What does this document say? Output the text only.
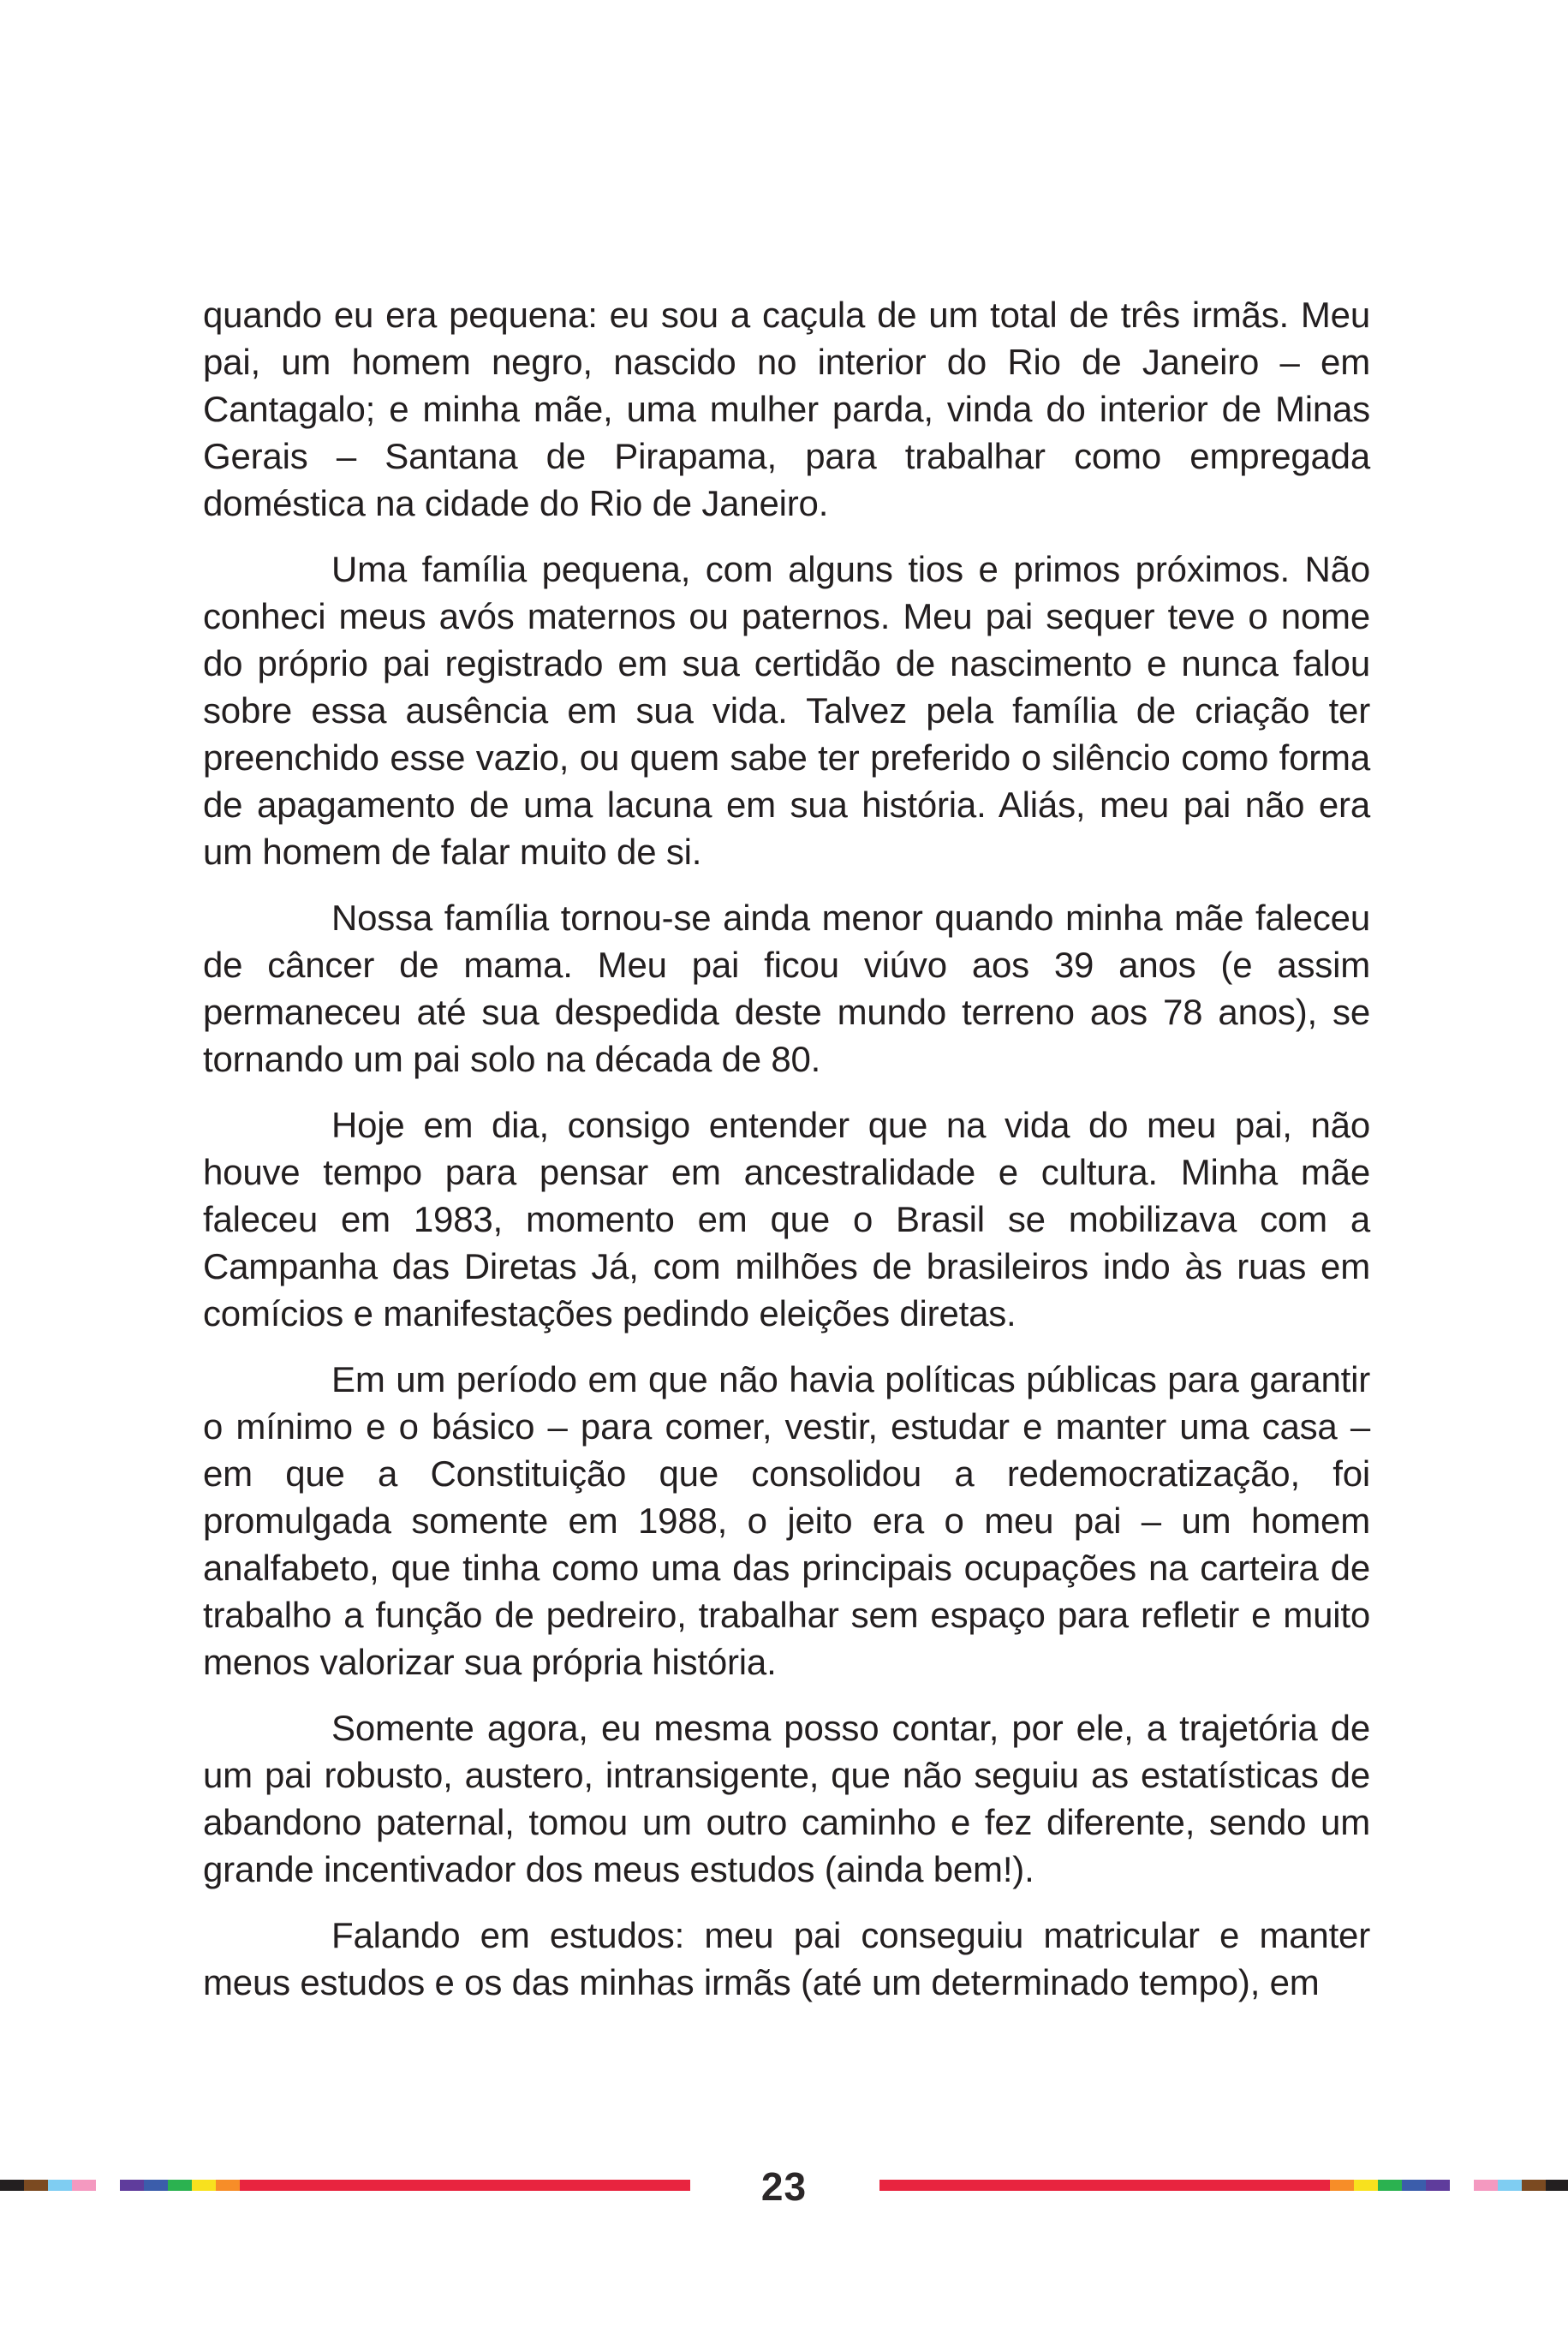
quando eu era pequena: eu sou a caçula de um total de três irmãs. Meu pai, um homem negro, nascido no interior do Rio de Janeiro – em Cantagalo; e minha mãe, uma mulher parda, vinda do interior de Minas Gerais – Santana de Pirapama, para trabalhar como empregada doméstica na cidade do Rio de Janeiro.

Uma família pequena, com alguns tios e primos próximos. Não conheci meus avós maternos ou paternos. Meu pai sequer teve o nome do próprio pai registrado em sua certidão de nascimento e nunca falou sobre essa ausência em sua vida. Talvez pela família de criação ter preenchido esse vazio, ou quem sabe ter preferido o silêncio como forma de apagamento de uma lacuna em sua história. Aliás, meu pai não era um homem de falar muito de si.

Nossa família tornou-se ainda menor quando minha mãe faleceu de câncer de mama. Meu pai ficou viúvo aos 39 anos (e assim permaneceu até sua despedida deste mundo terreno aos 78 anos), se tornando um pai solo na década de 80.

Hoje em dia, consigo entender que na vida do meu pai, não houve tempo para pensar em ancestralidade e cultura. Minha mãe faleceu em 1983, momento em que o Brasil se mobilizava com a Campanha das Diretas Já, com milhões de brasileiros indo às ruas em comícios e manifestações pedindo eleições diretas.

Em um período em que não havia políticas públicas para garantir o mínimo e o básico – para comer, vestir, estudar e manter uma casa – em que a Constituição que consolidou a redemocratização, foi promulgada somente em 1988, o jeito era o meu pai – um homem analfabeto, que tinha como uma das principais ocupações na carteira de trabalho a função de pedreiro, trabalhar sem espaço para refletir e muito menos valorizar sua própria história.

Somente agora, eu mesma posso contar, por ele, a trajetória de um pai robusto, austero, intransigente, que não seguiu as estatísticas de abandono paternal, tomou um outro caminho e fez diferente, sendo um grande incentivador dos meus estudos (ainda bem!).

Falando em estudos: meu pai conseguiu matricular e manter meus estudos e os das minhas irmãs (até um determinado tempo), em

23
